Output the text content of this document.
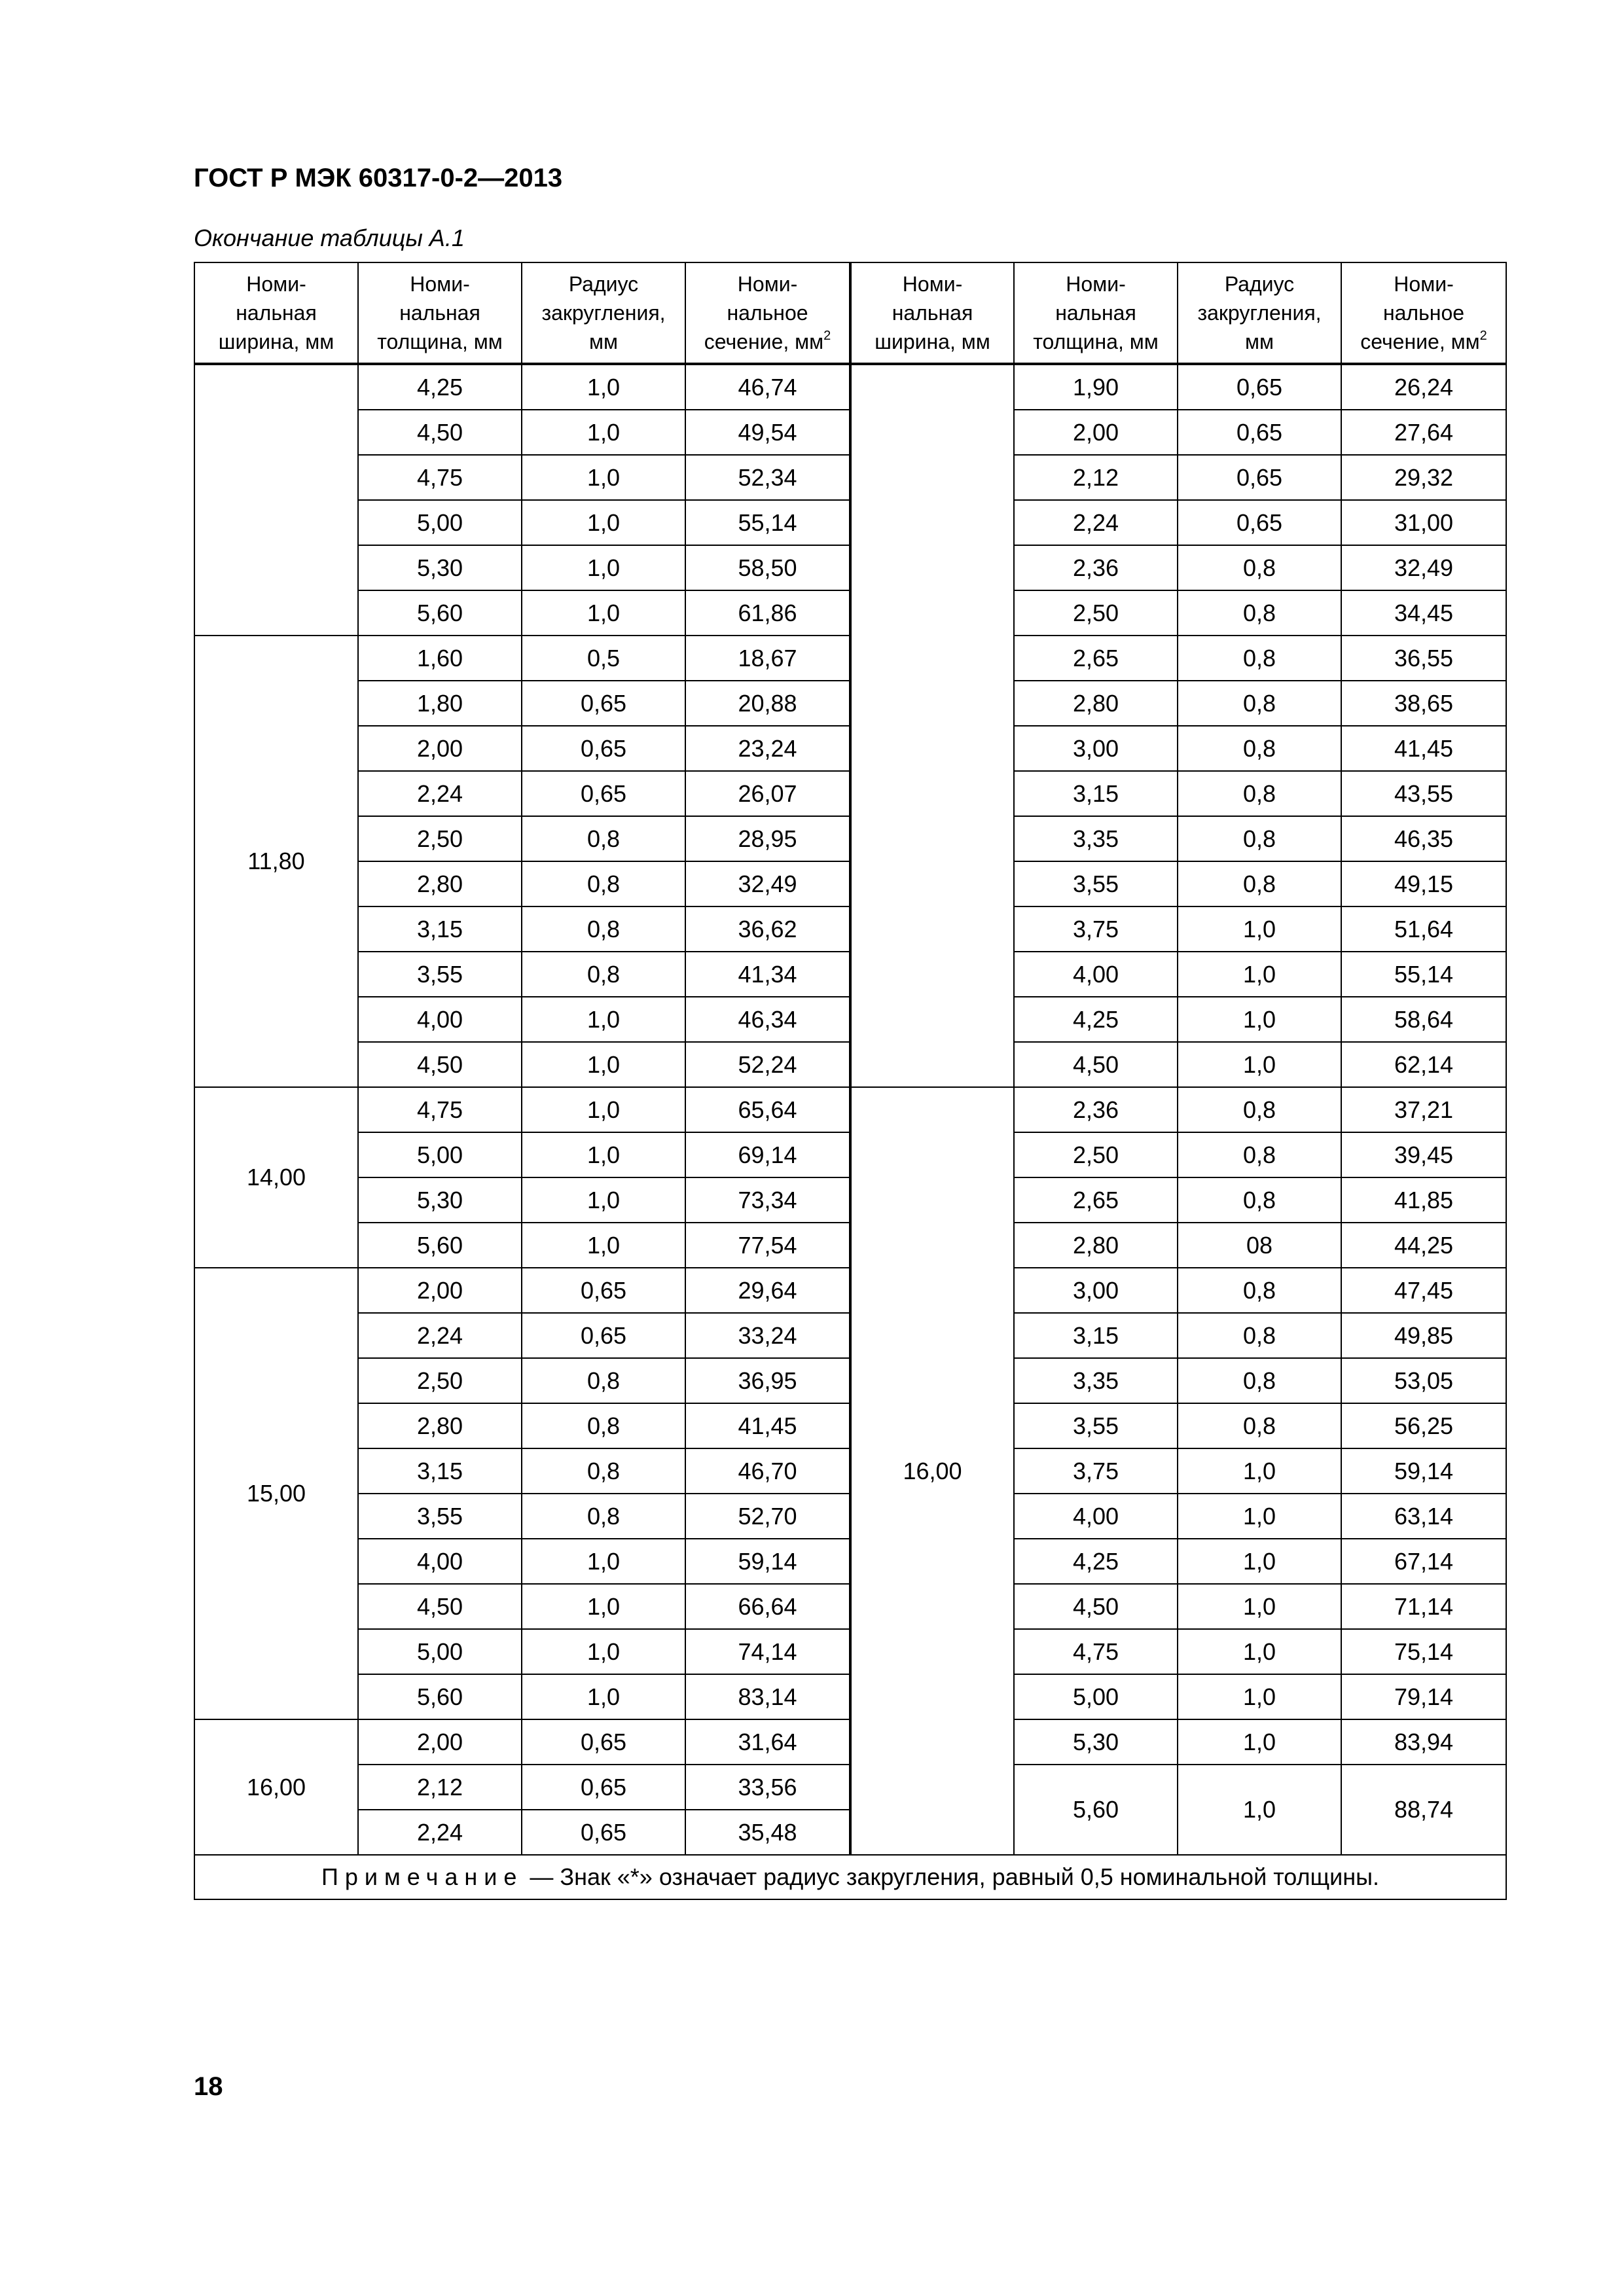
ГОСТ Р МЭК 60317-0-2—2013
Окончание таблицы А.1
Номи-
нальная
ширина, мм	Номи-
нальная
толщина, мм	Радиус
закругления,
мм	Номи-
нальное
сечение, $мм^2$	Номи-
нальная
ширина, мм	Номи-
нальная
толщина, мм	Радиус
закругления,
мм	Номи-
нальное
сечение, $мм^2$
	4,25	1,0	46,74		1,90	0,65	26,24
	4,50	1,0	49,54		2,00	0,65	27,64
	4,75	1,0	52,34		2,12	0,65	29,32
	5,00	1,0	55,14		2,24	0,65	31,00
	5,30	1,0	58,50		2,36	0,8	32,49
	5,60	1,0	61,86		2,50	0,8	34,45
11,80	1,60	0,5	18,67		2,65	0,8	36,55
	1,80	0,65	20,88		2,80	0,8	38,65
	2,00	0,65	23,24		3,00	0,8	41,45
	2,24	0,65	26,07		3,15	0,8	43,55
	2,50	0,8	28,95		3,35	0,8	46,35
	2,80	0,8	32,49		3,55	0,8	49,15
	3,15	0,8	36,62		3,75	1,0	51,64
	3,55	0,8	41,34		4,00	1,0	55,14
	4,00	1,0	46,34		4,25	1,0	58,64
	4,50	1,0	52,24		4,50	1,0	62,14
14,00	4,75	1,0	65,64	16,00	2,36	0,8	37,21
	5,00	1,0	69,14		2,50	0,8	39,45
	5,30	1,0	73,34		2,65	0,8	41,85
	5,60	1,0	77,54		2,80	08	44,25
15,00	2,00	0,65	29,64		3,00	0,8	47,45
	2,24	0,65	33,24		3,15	0,8	49,85
	2,50	0,8	36,95		3,35	0,8	53,05
	2,80	0,8	41,45		3,55	0,8	56,25
	3,15	0,8	46,70		3,75	1,0	59,14
	3,55	0,8	52,70		4,00	1,0	63,14
	4,00	1,0	59,14		4,25	1,0	67,14
	4,50	1,0	66,64		4,50	1,0	71,14
	5,00	1,0	74,14		4,75	1,0	75,14
	5,60	1,0	83,14		5,00	1,0	79,14
16,00	2,00	0,65	31,64		5,30	1,0	83,94
	2,12	0,65	33,56		5,60	1,0	88,74
	2,24	0,65	35,48				
Примечание — Знак «*» означает радиус закругления, равный 0,5 номинальной толщины.							
18
